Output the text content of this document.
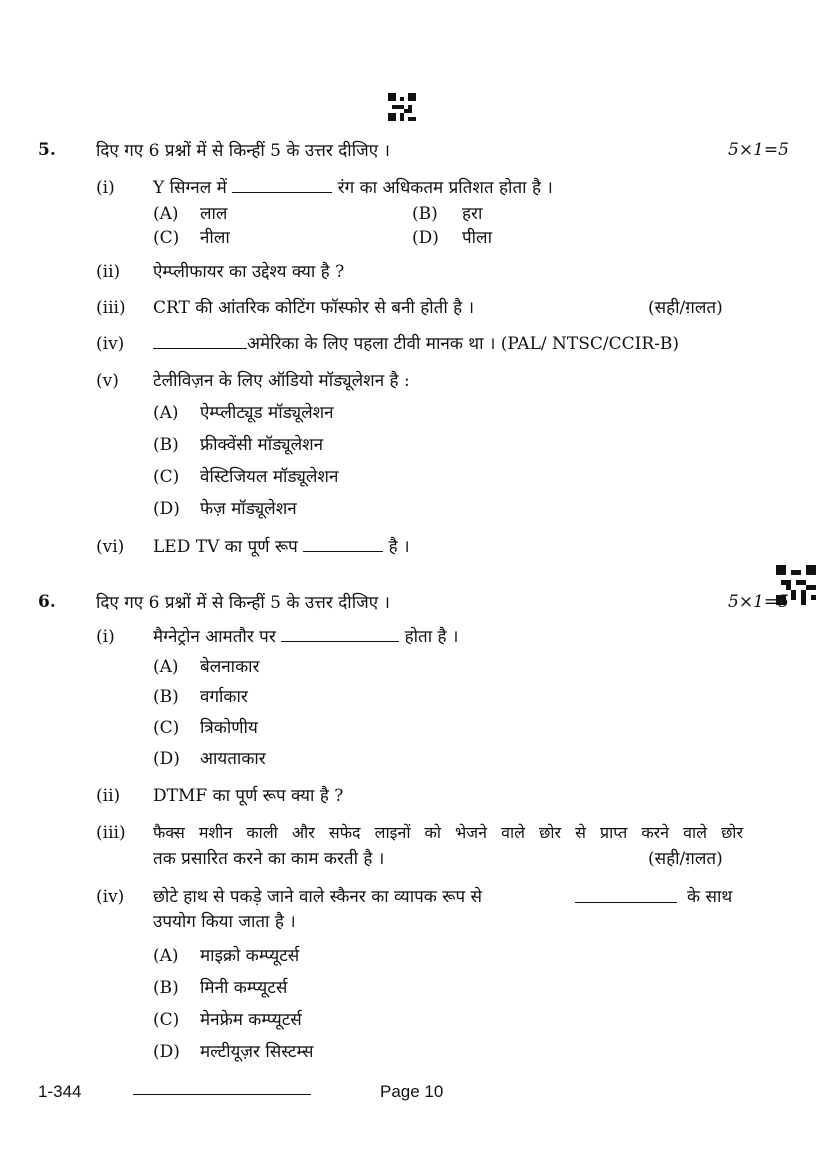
5. दिए गए 6 प्रश्नों में से किन्हीं 5 के उत्तर दीजिए ।	5×1=5
(i) Y सिग्नल में	रंग का अधिकतम प्रतिशत होता है ।
(A) लाल	(B) हरा
(C) नीला	(D) पीला
(ii) ऐम्प्लीफायर का उद्देश्य क्या है ?
(iii) CRT की आंतरिक कोटिंग फॉस्फोर से बनी होती है ।	(सही/ग़लत)
(iv)	अमेरिका के लिए पहला टीवी मानक था । (PAL/ NTSC/CCIR-B)
(v) टेलीविज़न के लिए ऑडियो मॉड्यूलेशन है :
(A) ऐम्प्लीट्यूड मॉड्यूलेशन
(B) फ्रीक्वेंसी मॉड्यूलेशन
(C) वेस्टिजियल मॉड्यूलेशन
(D) फेज़ मॉड्यूलेशन
(vi) LED TV का पूर्ण रूप	है ।
6. दिए गए 6 प्रश्नों में से किन्हीं 5 के उत्तर दीजिए ।	5×1=5
(i) मैग्नेट्रोन आमतौर पर	होता है ।
(A) बेलनाकार
(B) वर्गाकार
(C) त्रिकोणीय
(D) आयताकार
(ii) DTMF का पूर्ण रूप क्या है ?
(iii) फैक्स मशीन काली और सफेद लाइनों को भेजने वाले छोर से प्राप्त करने वाले छोर
तक प्रसारित करने का काम करती है ।	(सही/ग़लत)
(iv) छोटे हाथ से पकड़े जाने वाले स्कैनर का व्यापक रूप से	के साथ
उपयोग किया जाता है ।
(A) माइक्रो कम्प्यूटर्स
(B) मिनी कम्प्यूटर्स
(C) मेनफ्रेम कम्प्यूटर्स
(D) मल्टीयूज़र सिस्टम्स
1-344	Page 10
